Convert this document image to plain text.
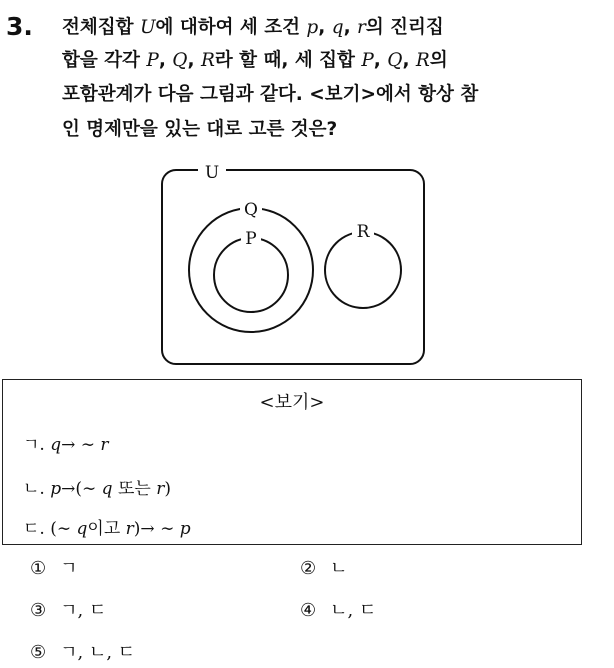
3. 전체집합 U에 대하여 세 조건 p, q, r의 진리집
합을 각각 P, Q, R라 할 때, 세 집합 P, Q, R의
포함관계가 다음 그림과 같다. <보기>에서 항상 참
인 명제만을 있는 대로 고른 것은?
U
Q
P	R
<보기>
ㄱ. q→ ∼ r
ㄴ. p→(∼ q 또는 r)
ㄷ. (∼ q이고 r)→ ∼ p
① ㄱ	② ㄴ
③ ㄱ, ㄷ	④ ㄴ, ㄷ
⑤ ㄱ, ㄴ, ㄷ
